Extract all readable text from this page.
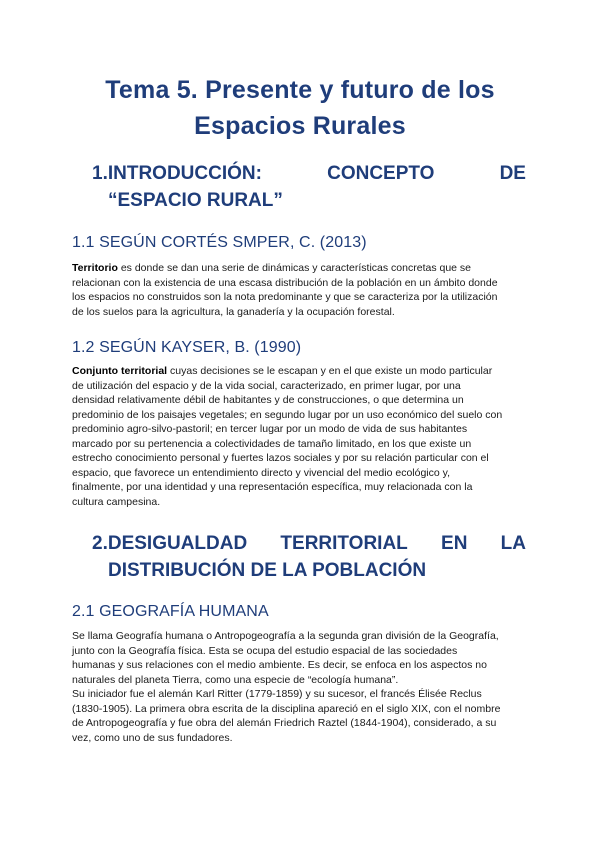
Tema 5. Presente y futuro de los
Espacios Rurales
1.INTRODUCCIÓN:	CONCEPTO	DE
“ESPACIO RURAL”
1.1 SEGÚN CORTÉS SMPER, C. (2013)
Territorio es donde se dan una serie de dinámicas y características concretas que se
relacionan con la existencia de una escasa distribución de la población en un ámbito donde
los espacios no construidos son la nota predominante y que se caracteriza por la utilización
de los suelos para la agricultura, la ganadería y la ocupación forestal.
1.2 SEGÚN KAYSER, B. (1990)
Conjunto territorial cuyas decisiones se le escapan y en el que existe un modo particular
de utilización del espacio y de la vida social, caracterizado, en primer lugar, por una
densidad relativamente débil de habitantes y de construcciones, o que determina un
predominio de los paisajes vegetales; en segundo lugar por un uso económico del suelo con
predominio agro-silvo-pastoril; en tercer lugar por un modo de vida de sus habitantes
marcado por su pertenencia a colectividades de tamaño limitado, en los que existe un
estrecho conocimiento personal y fuertes lazos sociales y por su relación particular con el
espacio, que favorece un entendimiento directo y vivencial del medio ecológico y,
finalmente, por una identidad y una representación específica, muy relacionada con la
cultura campesina.
2.DESIGUALDAD TERRITORIAL EN LA
DISTRIBUCIÓN DE LA POBLACIÓN
2.1 GEOGRAFÍA HUMANA
Se llama Geografía humana o Antropogeografía a la segunda gran división de la Geografía,
junto con la Geografía física. Esta se ocupa del estudio espacial de las sociedades
humanas y sus relaciones con el medio ambiente. Es decir, se enfoca en los aspectos no
naturales del planeta Tierra, como una especie de “ecología humana”.
Su iniciador fue el alemán Karl Ritter (1779-1859) y su sucesor, el francés Élisée Reclus
(1830-1905). La primera obra escrita de la disciplina apareció en el siglo XIX, con el nombre
de Antropogeografía y fue obra del alemán Friedrich Raztel (1844-1904), considerado, a su
vez, como uno de sus fundadores.
